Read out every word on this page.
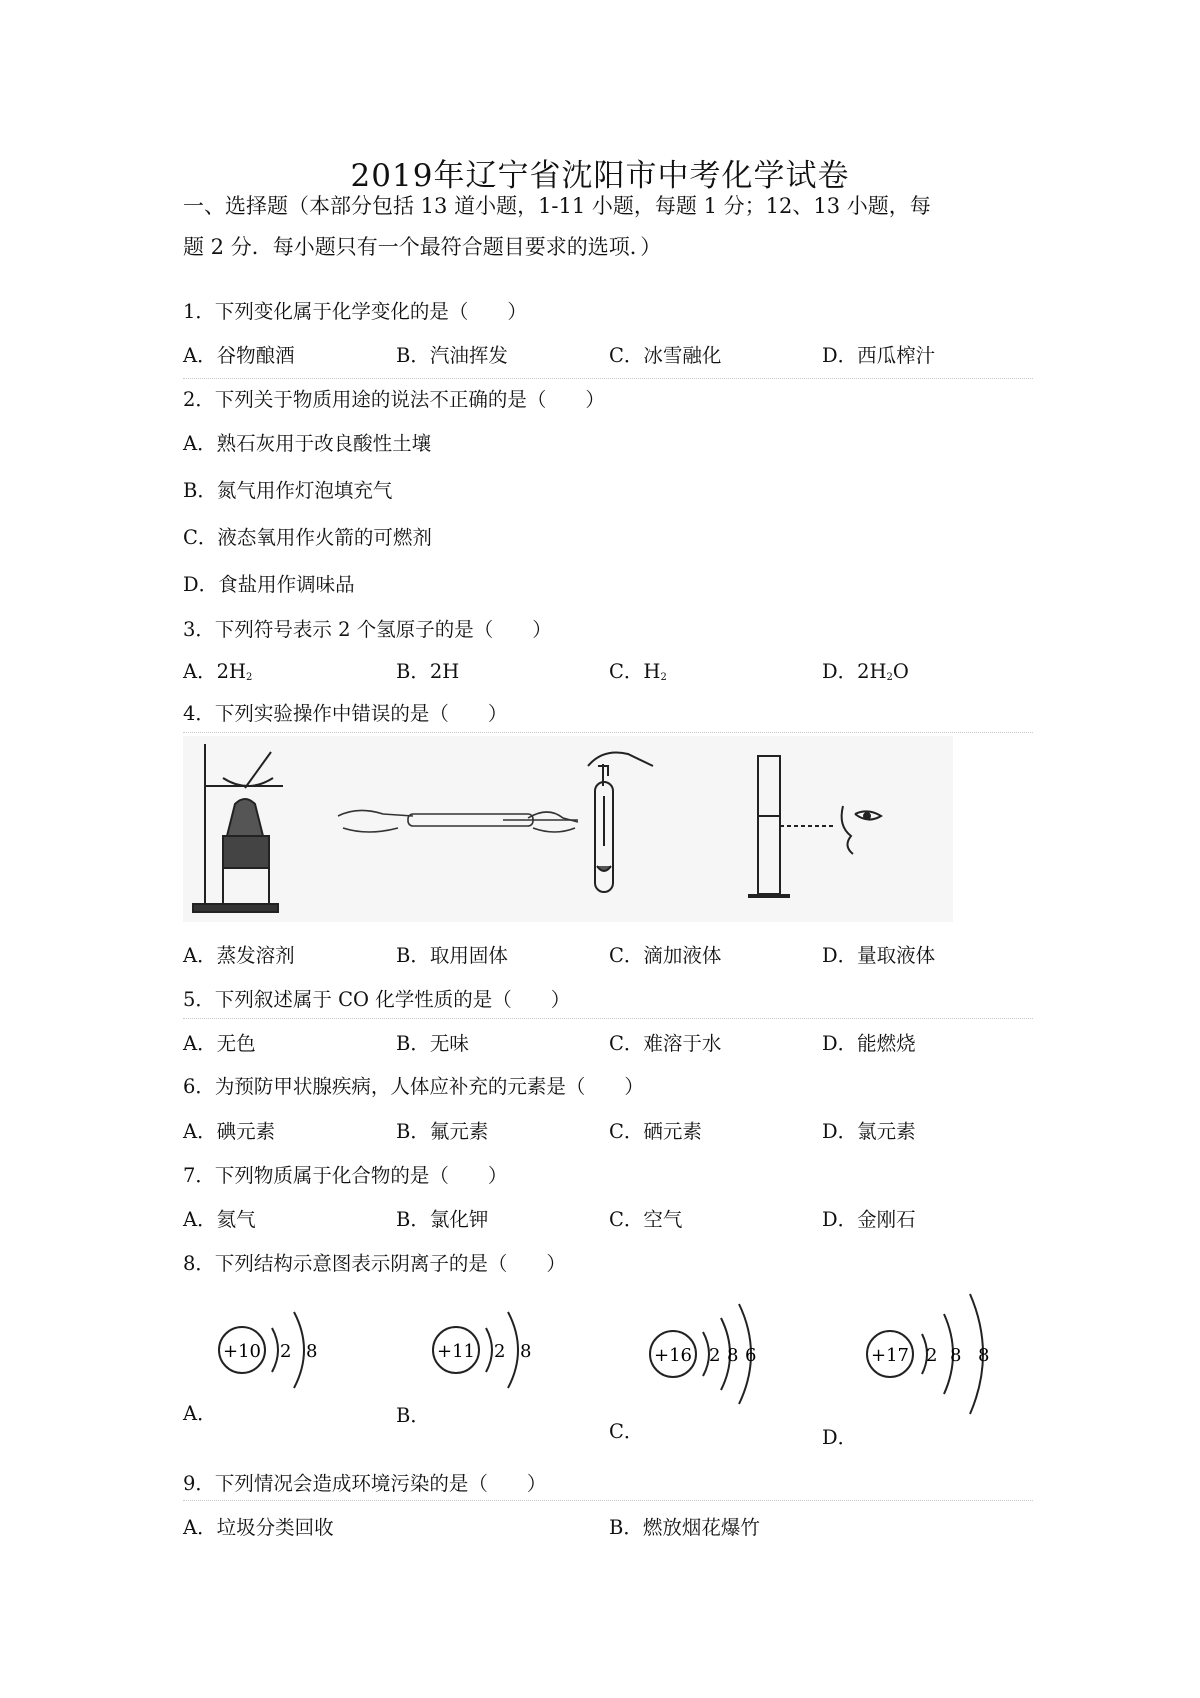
2019年辽宁省沈阳市中考化学试卷
一、选择题（本部分包括 13 道小题，1-11 小题，每题 1 分；12、13 小题，每
题 2 分．每小题只有一个最符合题目要求的选项．）
1．下列变化属于化学变化的是（　　）
A．谷物酿酒	B．汽油挥发	C．冰雪融化	D．西瓜榨汁
2．下列关于物质用途的说法不正确的是（　　）
A．熟石灰用于改良酸性土壤
B．氮气用作灯泡填充气
C．液态氧用作火箭的可燃剂
D．食盐用作调味品
3．下列符号表示 2 个氢原子的是（　　）
A．$2H_2$	B．2H	C．$H_2$	D．$2H_2O$
4．下列实验操作中错误的是（　　）
A．蒸发溶剂	B．取用固体	C．滴加液体	D．量取液体
5．下列叙述属于 CO 化学性质的是（　　）
A．无色	B．无味	C．难溶于水	D．能燃烧
6．为预防甲状腺疾病，人体应补充的元素是（　　）
A．碘元素	B．氟元素	C．硒元素	D．氯元素
7．下列物质属于化合物的是（　　）
A．氦气	B．氯化钾	C．空气	D．金刚石
8．下列结构示意图表示阴离子的是（　　）
+10 2 8
A．
+11 2 8
B．
+16 2 8 6
C．
+17 2 8 8
D．
9．下列情况会造成环境污染的是（　　）
A．垃圾分类回收	B．燃放烟花爆竹
